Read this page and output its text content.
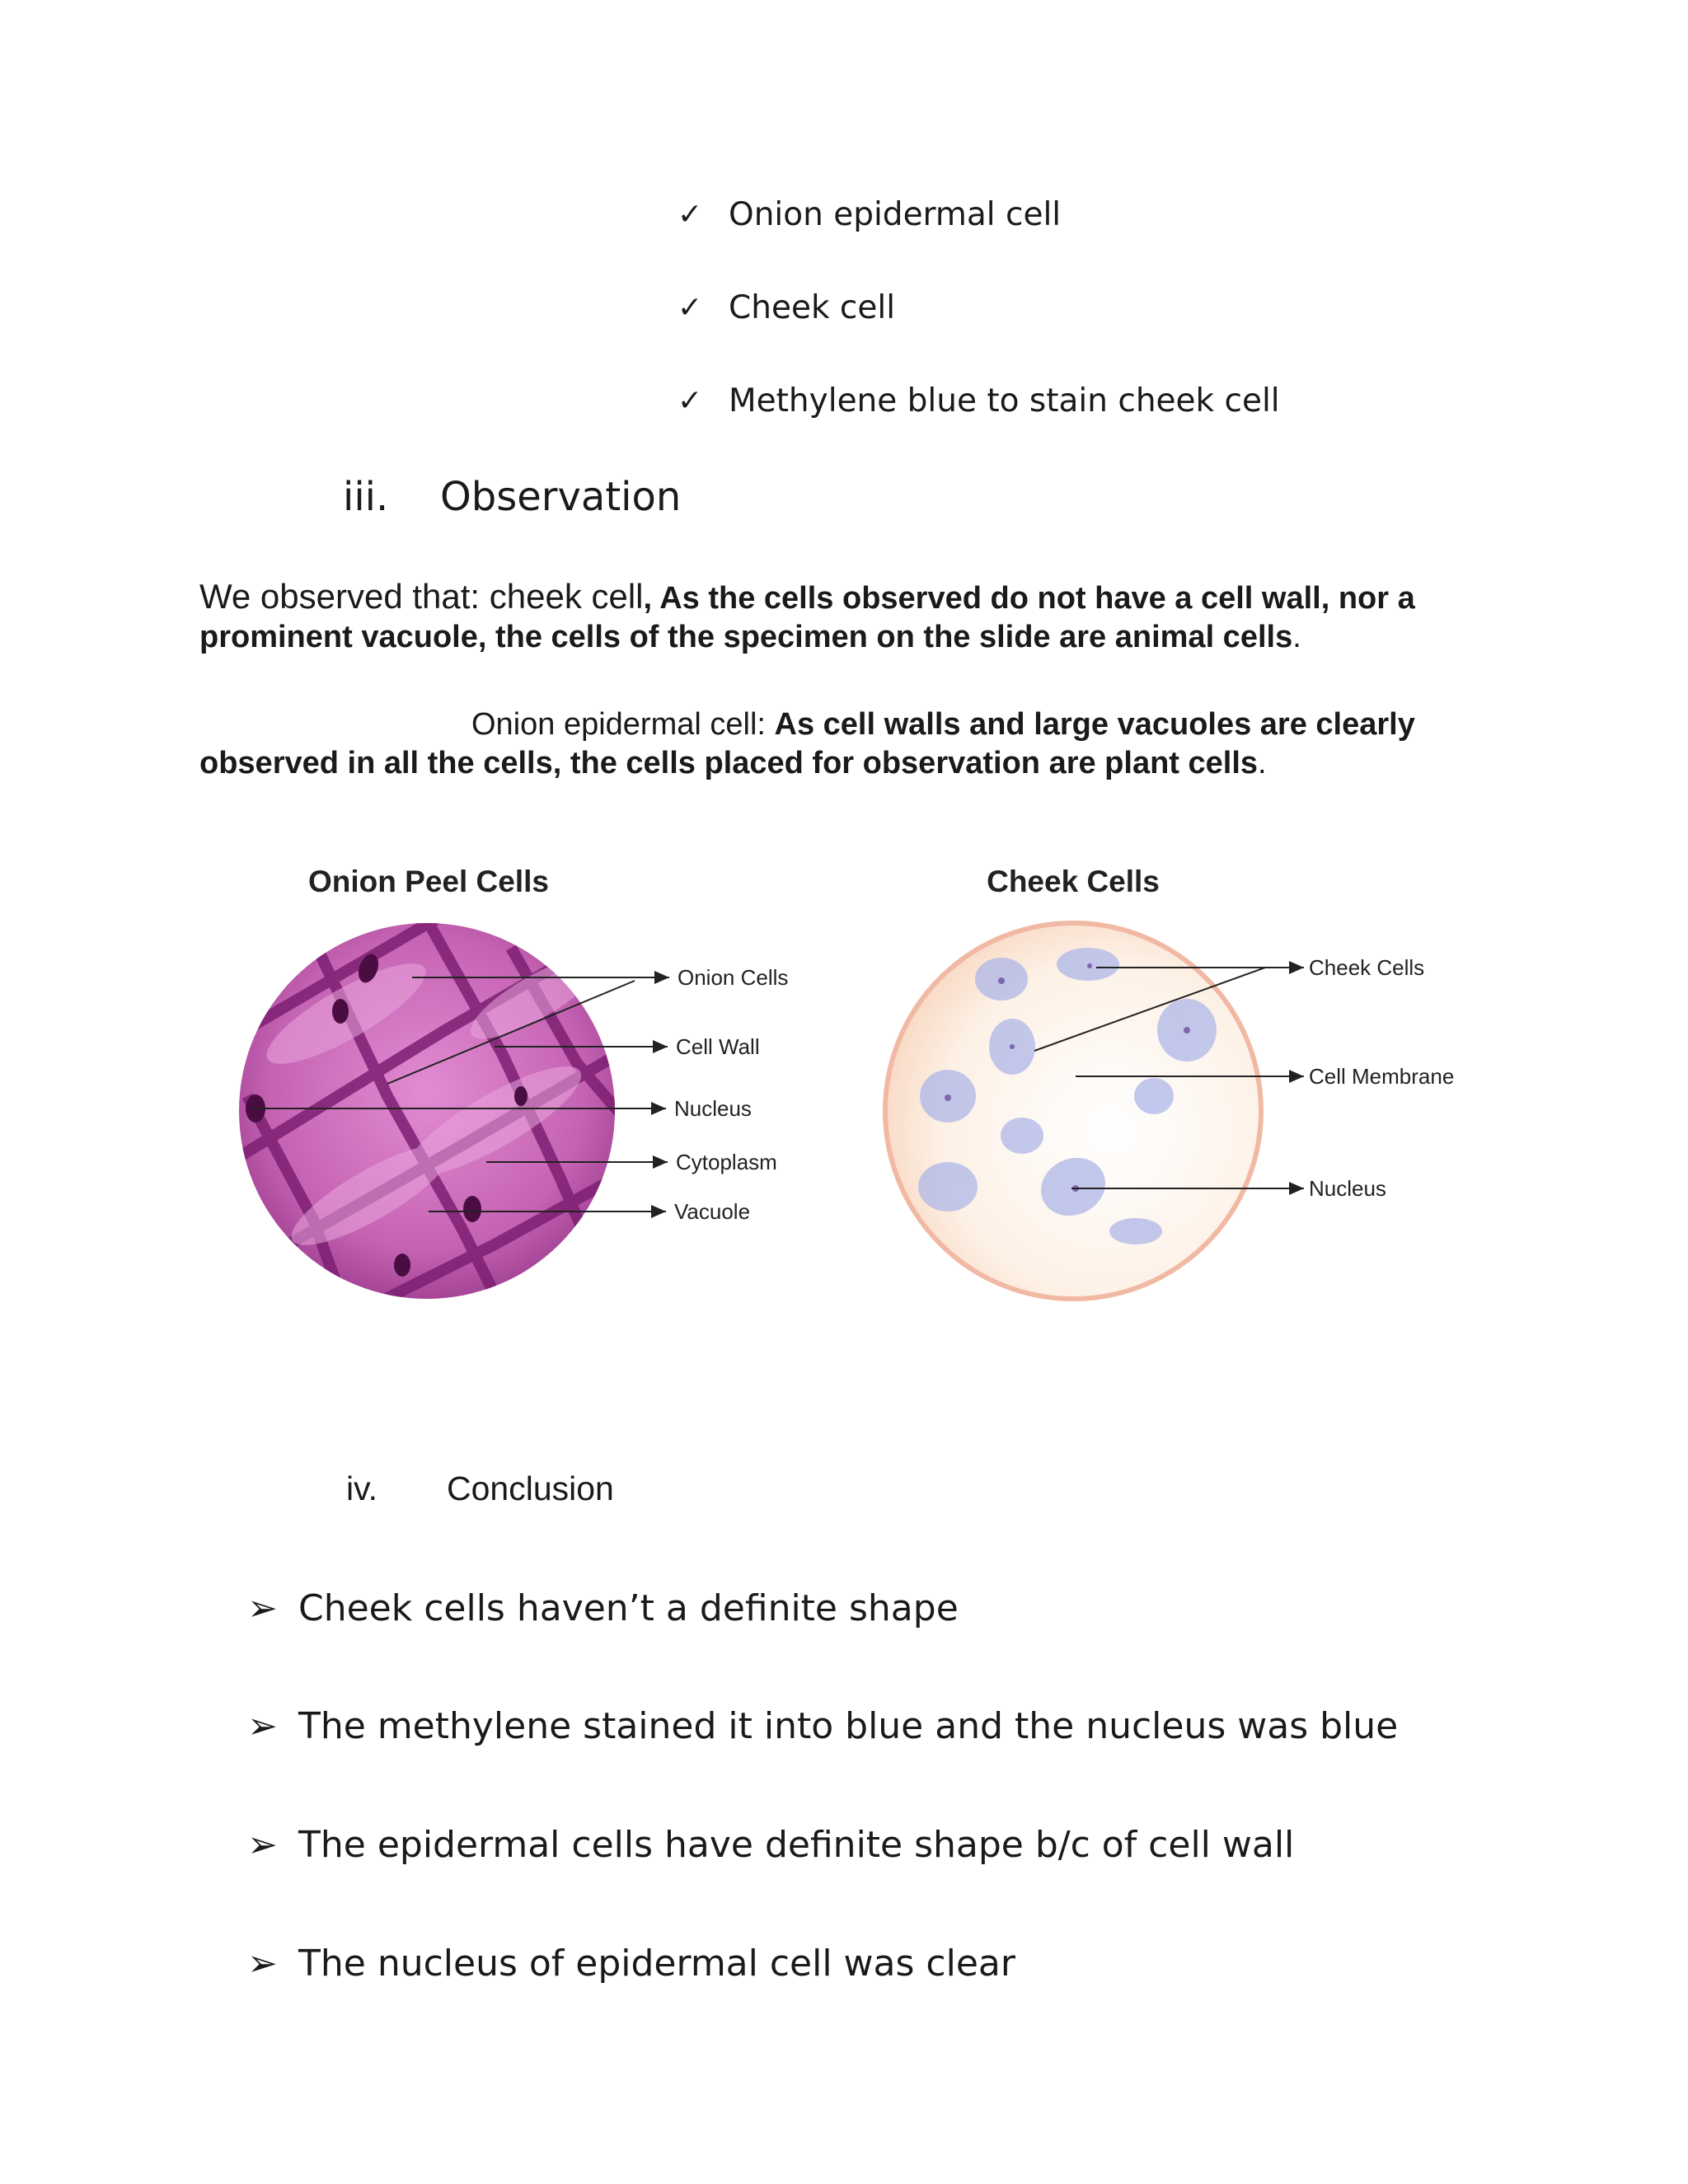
✓ Onion epidermal cell
✓ Cheek cell
✓ Methylene blue to stain cheek cell
iii. Observation
We observed that: cheek cell, As the cells observed do not have a cell wall, nor a prominent vacuole, the cells of the specimen on the slide are animal cells.
Onion epidermal cell: As cell walls and large vacuoles are clearly observed in all the cells, the cells placed for observation are plant cells.
Onion Peel Cells
Onion Cells
Cell Wall
Nucleus
Cytoplasm
Vacuole
Cheek Cells
Cheek Cells
Cell Membrane
Nucleus
iv. Conclusion
➢ Cheek cells haven’t a definite shape
➢ The methylene stained it into blue and the nucleus was blue
➢ The epidermal cells have definite shape b/c of cell wall
➢ The nucleus of epidermal cell was clear
